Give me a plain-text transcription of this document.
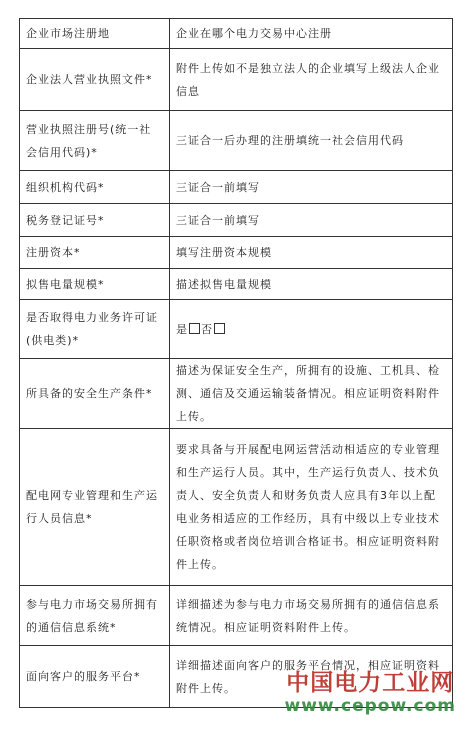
企业市场注册地	企业在哪个电力交易中心注册
企业法人营业执照文件*	附件上传如不是独立法人的企业填写上级法人企业信息
营业执照注册号(统一社会信用代码)*	三证合一后办理的注册填统一社会信用代码
组织机构代码*	三证合一前填写
税务登记证号*	三证合一前填写
注册资本*	填写注册资本规模
拟售电量规模*	描述拟售电量规模
是否取得电力业务许可证(供电类)*	是 否
所具备的安全生产条件*	描述为保证安全生产，所拥有的设施、工机具、检测、通信及交通运输装备情况。相应证明资料附件上传。
配电网专业管理和生产运行人员信息*	要求具备与开展配电网运营活动相适应的专业管理和生产运行人员。其中，生产运行负责人、技术负责人、安全负责人和财务负责人应具有3年以上配电业务相适应的工作经历，具有中级以上专业技术任职资格或者岗位培训合格证书。相应证明资料附件上传。
参与电力市场交易所拥有的通信信息系统*	详细描述为参与电力市场交易所拥有的通信信息系统情况。相应证明资料附件上传。
面向客户的服务平台*	详细描述面向客户的服务平台情况，相应证明资料附件上传。 中国电力工业网
www.cepow.com
